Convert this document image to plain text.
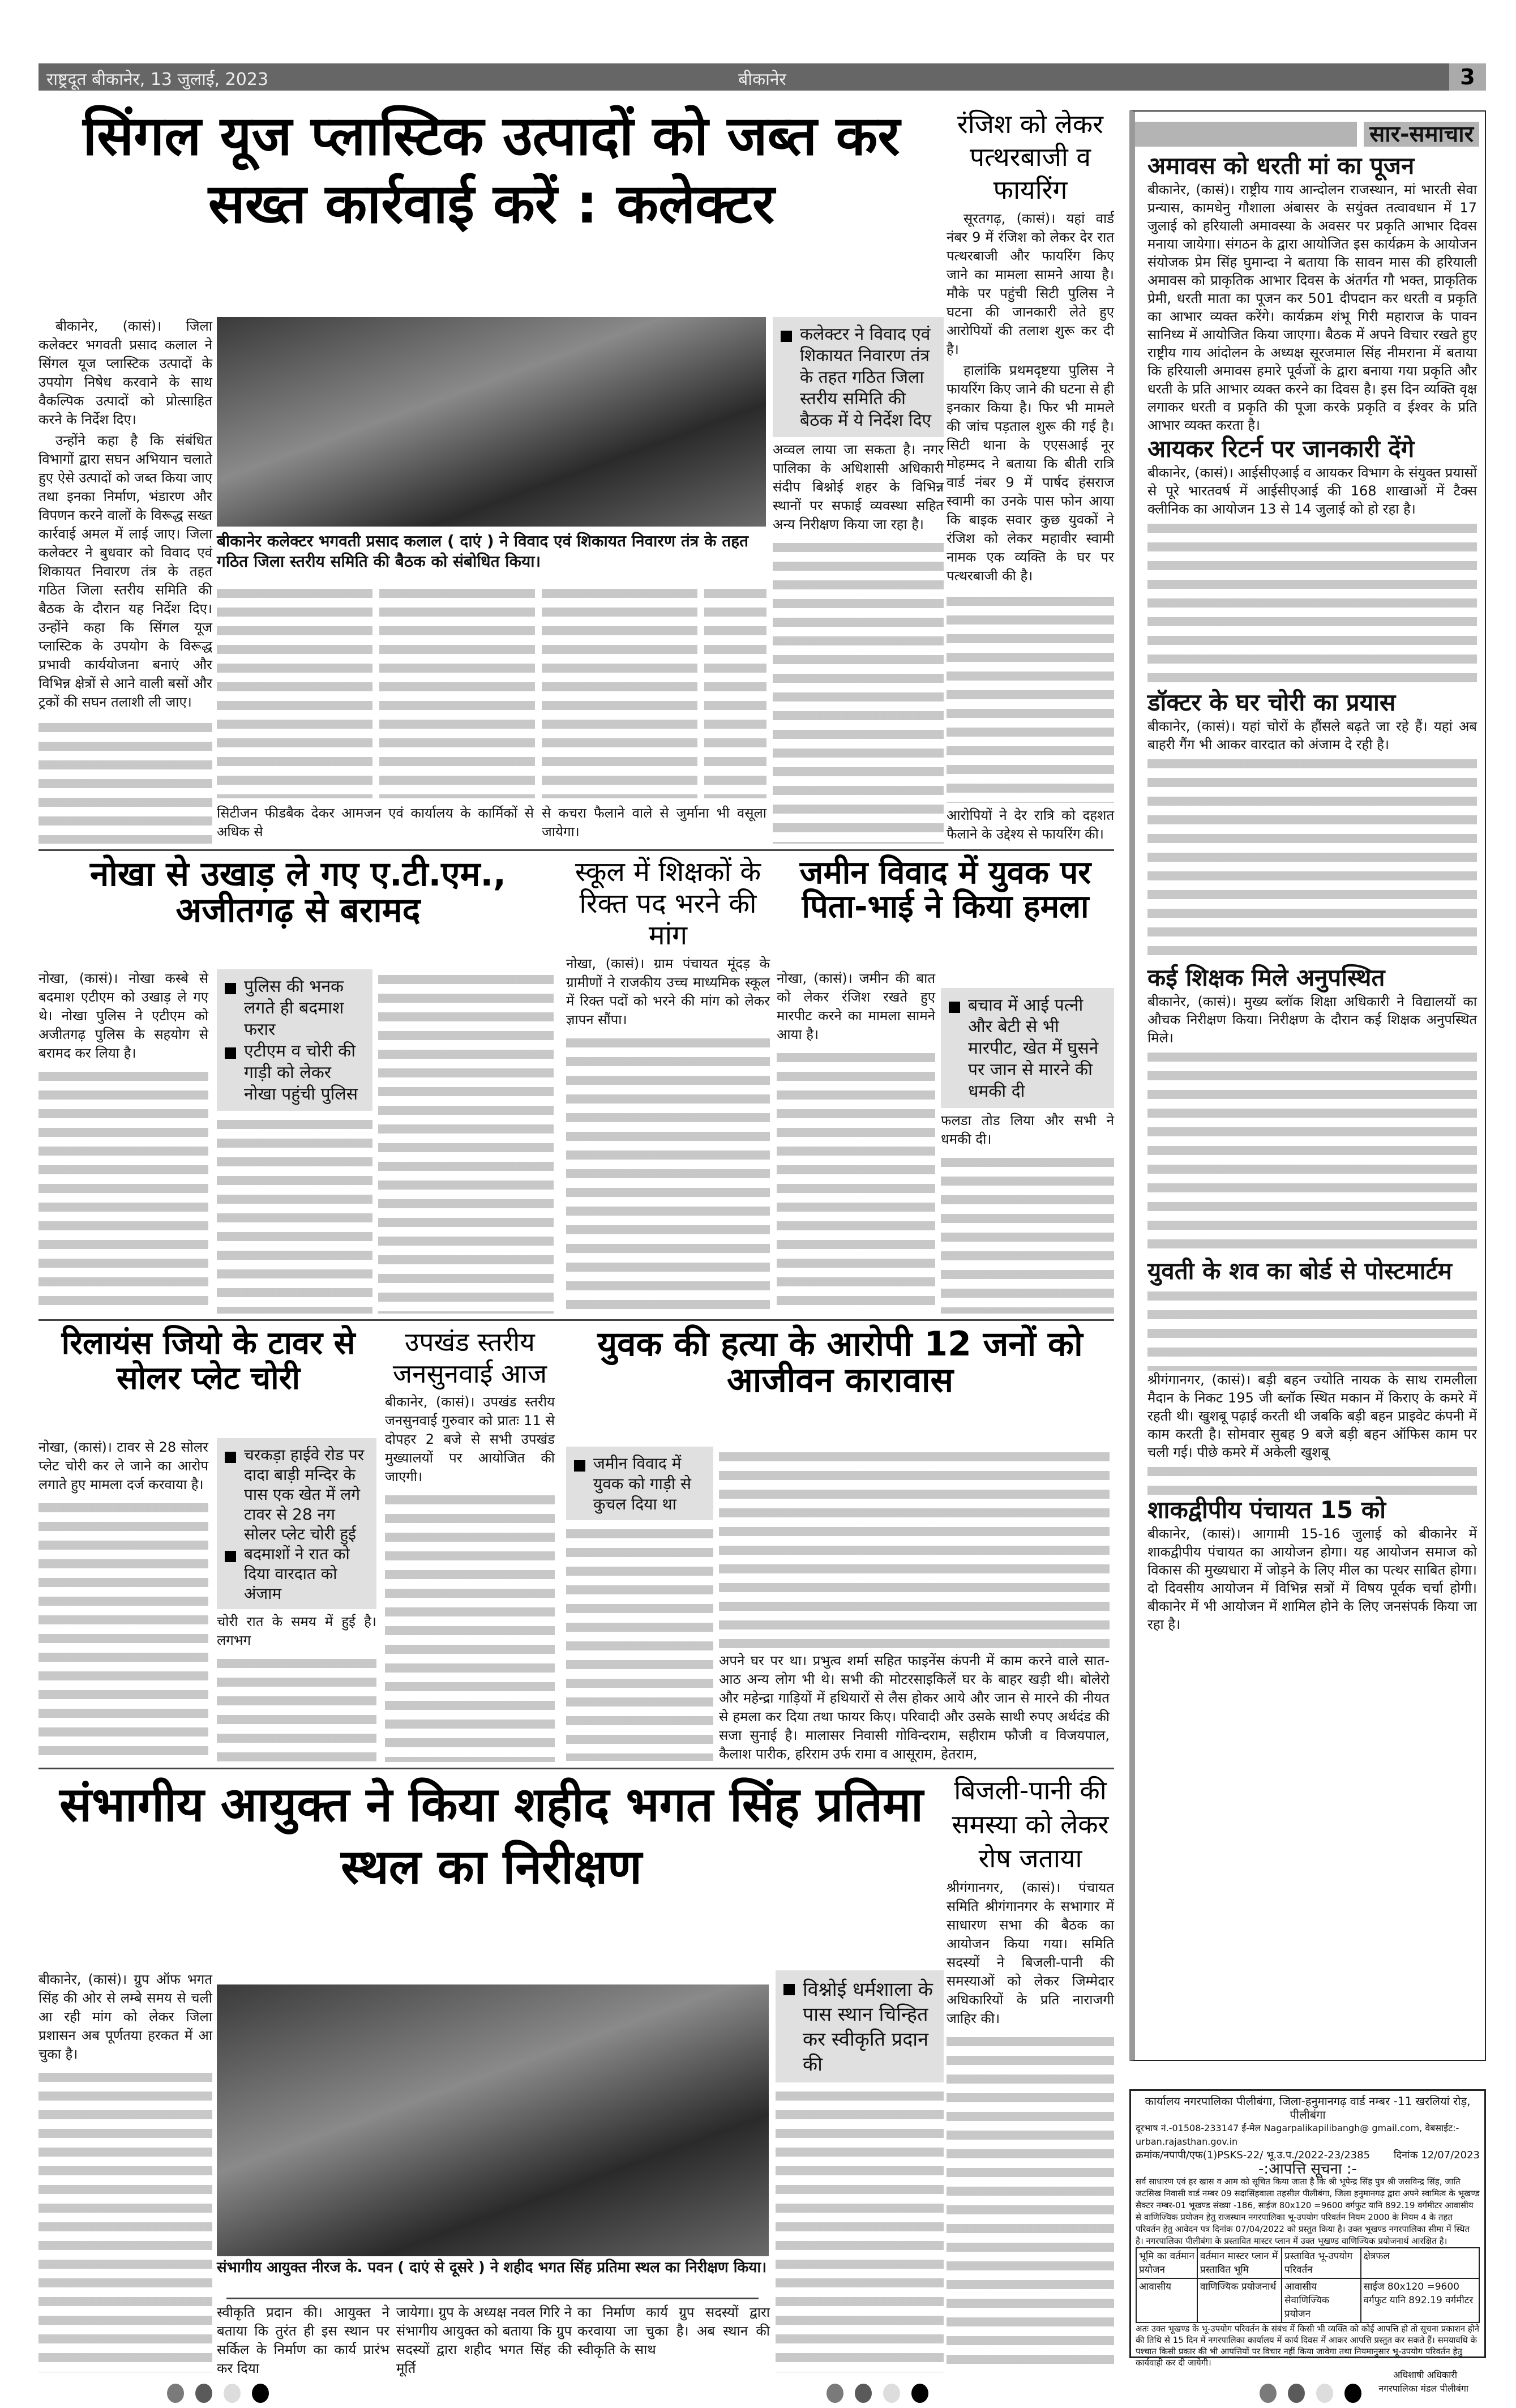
राष्ट्रदूत बीकानेर, 13 जुलाई, 2023	बीकानेर	3
सिंगल यूज प्लास्टिक उत्पादों को जब्त कर सख्त कार्रवाई करें : कलेक्टर

बीकानेर, (कासं)। जिला कलेक्टर भगवती प्रसाद कलाल ने सिंगल यूज प्लास्टिक उत्पादों के उपयोग निषेध करवाने के साथ वैकल्पिक उत्पादों को प्रोत्साहित करने के निर्देश दिए।

उन्होंने कहा है कि संबंधित विभागों द्वारा सघन अभियान चलाते हुए ऐसे उत्पादों को जब्त किया जाए तथा इनका निर्माण, भंडारण और विपणन करने वालों के विरूद्ध सख्त कार्रवाई अमल में लाई जाए। जिला कलेक्टर ने बुधवार को विवाद एवं शिकायत निवारण तंत्र के तहत गठित जिला स्तरीय समिति की बैठक के दौरान यह निर्देश दिए। उन्होंने कहा कि सिंगल यूज प्लास्टिक के उपयोग के विरूद्ध प्रभावी कार्ययोजना बनाएं और विभिन्न क्षेत्रों से आने वाली बसों और ट्रकों की सघन तलाशी ली जाए।

बीकानेर कलेक्टर भगवती प्रसाद कलाल ( दाएं ) ने विवाद एवं शिकायत निवारण तंत्र के तहत गठित जिला स्तरीय समिति की बैठक को संबोधित किया।
कलेक्टर ने विवाद एवं शिकायत निवारण तंत्र के तहत गठित जिला स्तरीय समिति की बैठक में ये निर्देश दिए
अव्वल लाया जा सकता है। नगर पालिका के अधिशासी अधिकारी संदीप बिश्नोई शहर के विभिन्न स्थानों पर सफाई व्यवस्था सहित अन्य निरीक्षण किया जा रहा है।
सिटीजन फीडबैक देकर आमजन एवं कार्यालय के कार्मिकों से अधिक से
से कचरा फैलाने वाले से जुर्माना भी वसूला जायेगा।
रंजिश को लेकर पत्थरबाजी व फायरिंग

सूरतगढ़, (कासं)। यहां वार्ड नंबर 9 में रंजिश को लेकर देर रात पत्थरबाजी और फायरिंग किए जाने का मामला सामने आया है। मौके पर पहुंची सिटी पुलिस ने घटना की जानकारी लेते हुए आरोपियों की तलाश शुरू कर दी है।

हालांकि प्रथमदृष्टया पुलिस ने फायरिंग किए जाने की घटना से ही इनकार किया है। फिर भी मामले की जांच पड़ताल शुरू की गई है। सिटी थाना के एएसआई नूर मोहम्मद ने बताया कि बीती रात्रि वार्ड नंबर 9 में पार्षद हंसराज स्वामी का उनके पास फोन आया कि बाइक सवार कुछ युवकों ने रंजिश को लेकर महावीर स्वामी नामक एक व्यक्ति के घर पर पत्थरबाजी की है।

आरोपियों ने देर रात्रि को दहशत फैलाने के उद्देश्य से फायरिंग की।
नोखा से उखाड़ ले गए ए.टी.एम., अजीतगढ़ से बरामद
नोखा, (कासं)। नोखा कस्बे से बदमाश एटीएम को उखाड़ ले गए थे। नोखा पुलिस ने एटीएम को अजीतगढ़ पुलिस के सहयोग से बरामद कर लिया है।
पुलिस की भनक लगते ही बदमाश फरार
एटीएम व चोरी की गाड़ी को लेकर नोखा पहुंची पुलिस
स्कूल में शिक्षकों के रिक्त पद भरने की मांग
नोखा, (कासं)। ग्राम पंचायत मूंदड़ के ग्रामीणों ने राजकीय उच्च माध्यमिक स्कूल में रिक्त पदों को भरने की मांग को लेकर ज्ञापन सौंपा।
जमीन विवाद में युवक पर पिता-भाई ने किया हमला
नोखा, (कासं)। जमीन की बात को लेकर रंजिश रखते हुए मारपीट करने का मामला सामने आया है।
बचाव में आई पत्नी और बेटी से भी मारपीट, खेत में घुसने पर जान से मारने की धमकी दी
फलडा तोड लिया और सभी ने धमकी दी।
रिलायंस जियो के टावर से सोलर प्लेट चोरी
नोखा, (कासं)। टावर से 28 सोलर प्लेट चोरी कर ले जाने का आरोप लगाते हुए मामला दर्ज करवाया है।
चरकड़ा हाईवे रोड पर दादा बाड़ी मन्दिर के पास एक खेत में लगे टावर से 28 नग सोलर प्लेट चोरी हुई
बदमाशों ने रात को दिया वारदात को अंजाम
चोरी रात के समय में हुई है। लगभग
उपखंड स्तरीय जनसुनवाई आज
बीकानेर, (कासं)। उपखंड स्तरीय जनसुनवाई गुरुवार को प्रातः 11 से दोपहर 2 बजे से सभी उपखंड मुख्यालयों पर आयोजित की जाएगी।
युवक की हत्या के आरोपी 12 जनों को आजीवन कारावास
जमीन विवाद में युवक को गाड़ी से कुचल दिया था
अपने घर पर था। प्रभुत्व शर्मा सहित फाइनेंस कंपनी में काम करने वाले सात-आठ अन्य लोग भी थे। सभी की मोटरसाइकिलें घर के बाहर खड़ी थी। बोलेरो और महेन्द्रा गाड़ियों में हथियारों से लैस होकर आये और जान से मारने की नीयत से हमला कर दिया तथा फायर किए। परिवादी और उसके साथी रुपए अर्थदंड की सजा सुनाई है। मालासर निवासी गोविन्दराम, सहीराम फौजी व विजयपाल, कैलाश पारीक, हरिराम उर्फ रामा व आसूराम, हेतराम,
संभागीय आयुक्त ने किया शहीद भगत सिंह प्रतिमा स्थल का निरीक्षण
बीकानेर, (कासं)। ग्रुप ऑफ भगत सिंह की ओर से लम्बे समय से चली आ रही मांग को लेकर जिला प्रशासन अब पूर्णतया हरकत में आ चुका है।
संभागीय आयुक्त नीरज के. पवन ( दाएं से दूसरे ) ने शहीद भगत सिंह प्रतिमा स्थल का निरीक्षण किया।
विश्नोई धर्मशाला के पास स्थान चिन्हित कर स्वीकृति प्रदान की
स्वीकृति प्रदान की। आयुक्त ने बताया कि तुरंत ही इस स्थान पर सर्किल के निर्माण का कार्य प्रारंभ कर दिया
जायेगा। ग्रुप के अध्यक्ष नवल गिरि ने संभागीय आयुक्त को बताया कि ग्रुप सदस्यों द्वारा शहीद भगत सिंह की मूर्ति
का निर्माण कार्य ग्रुप सदस्यों द्वारा करवाया जा चुका है। अब स्थान की स्वीकृति के साथ
बिजली-पानी की समस्या को लेकर रोष जताया
श्रीगंगानगर, (कासं)। पंचायत समिति श्रीगंगानगर के सभागार में साधारण सभा की बैठक का आयोजन किया गया। समिति सदस्यों ने बिजली-पानी की समस्याओं को लेकर जिम्मेदार अधिकारियों के प्रति नाराजगी जाहिर की।
सार-समाचार
अमावस को धरती मां का पूजन
बीकानेर, (कासं)। राष्ट्रीय गाय आन्दोलन राजस्थान, मां भारती सेवा प्रन्यास, कामधेनु गौशाला अंबासर के सयुंक्त तत्वावधान में 17 जुलाई को हरियाली अमावस्या के अवसर पर प्रकृति आभार दिवस मनाया जायेगा। संगठन के द्वारा आयोजित इस कार्यक्रम के आयोजन संयोजक प्रेम सिंह घुमान्दा ने बताया कि सावन मास की हरियाली अमावस को प्राकृतिक आभार दिवस के अंतर्गत गौ भक्त, प्राकृतिक प्रेमी, धरती माता का पूजन कर 501 दीपदान कर धरती व प्रकृति का आभार व्यक्त करेंगे। कार्यक्रम शंभू गिरी महाराज के पावन सानिध्य में आयोजित किया जाएगा। बैठक में अपने विचार रखते हुए राष्ट्रीय गाय आंदोलन के अध्यक्ष सूरजमाल सिंह नीमराना में बताया कि हरियाली अमावस हमारे पूर्वजों के द्वारा बनाया गया प्रकृति और धरती के प्रति आभार व्यक्त करने का दिवस है। इस दिन व्यक्ति वृक्ष लगाकर धरती व प्रकृति की पूजा करके प्रकृति व ईश्वर के प्रति आभार व्यक्त करता है।
आयकर रिटर्न पर जानकारी देंगे
बीकानेर, (कासं)। आईसीएआई व आयकर विभाग के संयुक्त प्रयासों से पूरे भारतवर्ष में आईसीएआई की 168 शाखाओं में टैक्स क्लीनिक का आयोजन 13 से 14 जुलाई को हो रहा है।
डॉक्टर के घर चोरी का प्रयास
बीकानेर, (कासं)। यहां चोरों के हौंसले बढ़ते जा रहे हैं। यहां अब बाहरी गैंग भी आकर वारदात को अंजाम दे रही है।
कई शिक्षक मिले अनुपस्थित
बीकानेर, (कासं)। मुख्य ब्लॉक शिक्षा अधिकारी ने विद्यालयों का औचक निरीक्षण किया। निरीक्षण के दौरान कई शिक्षक अनुपस्थित मिले।
युवती के शव का बोर्ड से पोस्टमार्टम
श्रीगंगानगर, (कासं)। बड़ी बहन ज्योति नायक के साथ रामलीला मैदान के निकट 195 जी ब्लॉक स्थित मकान में किराए के कमरे में रहती थी। खुशबू पढ़ाई करती थी जबकि बड़ी बहन प्राइवेट कंपनी में काम करती है। सोमवार सुबह 9 बजे बड़ी बहन ऑफिस काम पर चली गई। पीछे कमरे में अकेली खुशबू
शाकद्वीपीय पंचायत 15 को
बीकानेर, (कासं)। आगामी 15-16 जुलाई को बीकानेर में शाकद्वीपीय पंचायत का आयोजन होगा। यह आयोजन समाज को विकास की मुख्यधारा में जोड़ने के लिए मील का पत्थर साबित होगा। दो दिवसीय आयोजन में विभिन्न सत्रों में विषय पूर्वक चर्चा होगी। बीकानेर में भी आयोजन में शामिल होने के लिए जनसंपर्क किया जा रहा है।
कार्यालय नगरपालिका पीलीबंगा, जिला-हनुमानगढ़ वार्ड नम्बर -11 खरलियां रोड़, पीलीबंगा
दूरभाष नं.-01508-233147 ई-मेल Nagarpalikapilibangh@ gmail.com, वेबसाईट:- urban.rajasthan.gov.in
क्रमांक/नपापी/एफ(1)PSKS-22/ भू.उ.प./2022-23/2385 दिनांक 12/07/2023
-:आपत्ति सूचना :-
सर्व साधारण एवं हर खास व आम को सूचित किया जाता है कि श्री भूपेन्द्र सिंह पुत्र श्री जसविन्द्र सिंह, जाति जटसिख निवासी वार्ड नम्बर 09 सदासिंहवाला तहसील पीलीबंगा, जिला हनुमानगढ़ द्वारा अपने स्वामित्व के भूखण्ड सैक्टर नम्बर-01 भूखण्ड संख्या -186, साईज 80x120 =9600 वर्गफुट यानि 892.19 वर्गमीटर आवासीय से वाणिज्यिक प्रयोजन हेतु राजस्थान नगरपालिका भू-उपयोग परिवर्तन नियम 2000 के नियम 4 के तहत परिवर्तन हेतु आवेदन पत्र दिनांक 07/04/2022 को प्रस्तुत किया है। उक्त भूखण्ड नगरपालिका सीमा में स्थित है। नगरपालिका पीलीबंगा के प्रस्तावित मास्टर प्लान में उक्त भूखण्ड वाणिज्यिक प्रयोजनार्थ आरक्षित है।
भूमि का वर्तमान प्रयोजन	वर्तमान मास्टर प्लान में प्रस्तावित भूमि	प्रस्तावित भू-उपयोग परिवर्तन	क्षेत्रफल
आवासीय	वाणिज्यिक प्रयोजनार्थ	आवासीय सेवाणिज्यिक प्रयोजन	साईज 80x120 =9600 वर्गफुट यानि 892.19 वर्गमीटर
अतः उक्त भूखण्ड के भू-उपयोग परिवर्तन के संबंध में किसी भी व्यक्ति को कोई आपत्ति हो तो सूचना प्रकाशन होने की तिथि से 15 दिन में नगरपालिका कार्यालय में कार्य दिवस में आकर आपत्ति प्रस्तुत कर सकते हैं। समयावधि के पश्चात किसी प्रकार की भी आपत्तियों पर विचार नहीं किया जावेगा तथा नियमानुसार भू-उपयोग परिवर्तन हेतु कार्यवाही कर दी जायेगी।
अधिशाषी अधिकारी
नगरपालिका मंडल पीलीबंगा
